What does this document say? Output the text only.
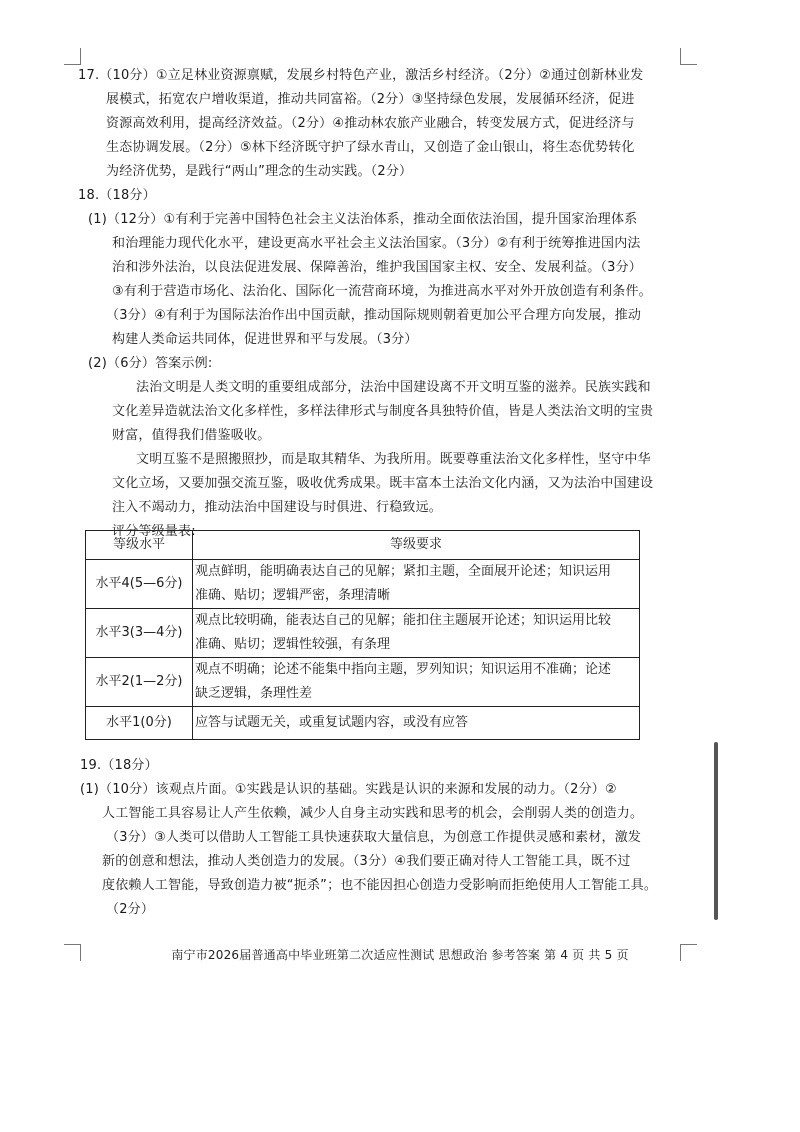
17.（10分）①立足林业资源禀赋，发展乡村特色产业，激活乡村经济。（2分）②通过创新林业发
展模式，拓宽农户增收渠道，推动共同富裕。（2分）③坚持绿色发展，发展循环经济，促进
资源高效利用，提高经济效益。（2分）④推动林农旅产业融合，转变发展方式，促进经济与
生态协调发展。（2分）⑤林下经济既守护了绿水青山，又创造了金山银山，将生态优势转化
为经济优势，是践行“两山”理念的生动实践。（2分）
18.（18分）
(1)（12分）①有利于完善中国特色社会主义法治体系，推动全面依法治国，提升国家治理体系
和治理能力现代化水平，建设更高水平社会主义法治国家。（3分）②有利于统筹推进国内法
治和涉外法治，以良法促进发展、保障善治，维护我国国家主权、安全、发展利益。（3分）
③有利于营造市场化、法治化、国际化一流营商环境，为推进高水平对外开放创造有利条件。
（3分）④有利于为国际法治作出中国贡献，推动国际规则朝着更加公平合理方向发展，推动
构建人类命运共同体，促进世界和平与发展。（3分）
(2)（6分）答案示例:
法治文明是人类文明的重要组成部分，法治中国建设离不开文明互鉴的滋养。民族实践和
文化差异造就法治文化多样性，多样法律形式与制度各具独特价值，皆是人类法治文明的宝贵
财富，值得我们借鉴吸收。
文明互鉴不是照搬照抄，而是取其精华、为我所用。既要尊重法治文化多样性，坚守中华
文化立场，又要加强交流互鉴，吸收优秀成果。既丰富本土法治文化内涵，又为法治中国建设
注入不竭动力，推动法治中国建设与时俱进、行稳致远。
评分等级量表:
等级水平	等级要求
水平4(5—6分)	观点鲜明，能明确表达自己的见解；紧扣主题，全面展开论述；知识运用
准确、贴切；逻辑严密，条理清晰

水平3(3—4分)	观点比较明确，能表达自己的见解；能扣住主题展开论述；知识运用比较
准确、贴切；逻辑性较强，有条理

水平2(1—2分)	观点不明确；论述不能集中指向主题，罗列知识；知识运用不准确；论述
缺乏逻辑，条理性差

水平1(0分)	应答与试题无关，或重复试题内容，或没有应答
19.（18分）
(1)（10分）该观点片面。①实践是认识的基础。实践是认识的来源和发展的动力。（2分）②
人工智能工具容易让人产生依赖，减少人自身主动实践和思考的机会，会削弱人类的创造力。
（3分）③人类可以借助人工智能工具快速获取大量信息，为创意工作提供灵感和素材，激发
新的创意和想法，推动人类创造力的发展。（3分）④我们要正确对待人工智能工具，既不过
度依赖人工智能，导致创造力被“扼杀”；也不能因担心创造力受影响而拒绝使用人工智能工具。
（2分）
南宁市2026届普通高中毕业班第二次适应性测试 思想政治 参考答案 第 4 页 共 5 页
